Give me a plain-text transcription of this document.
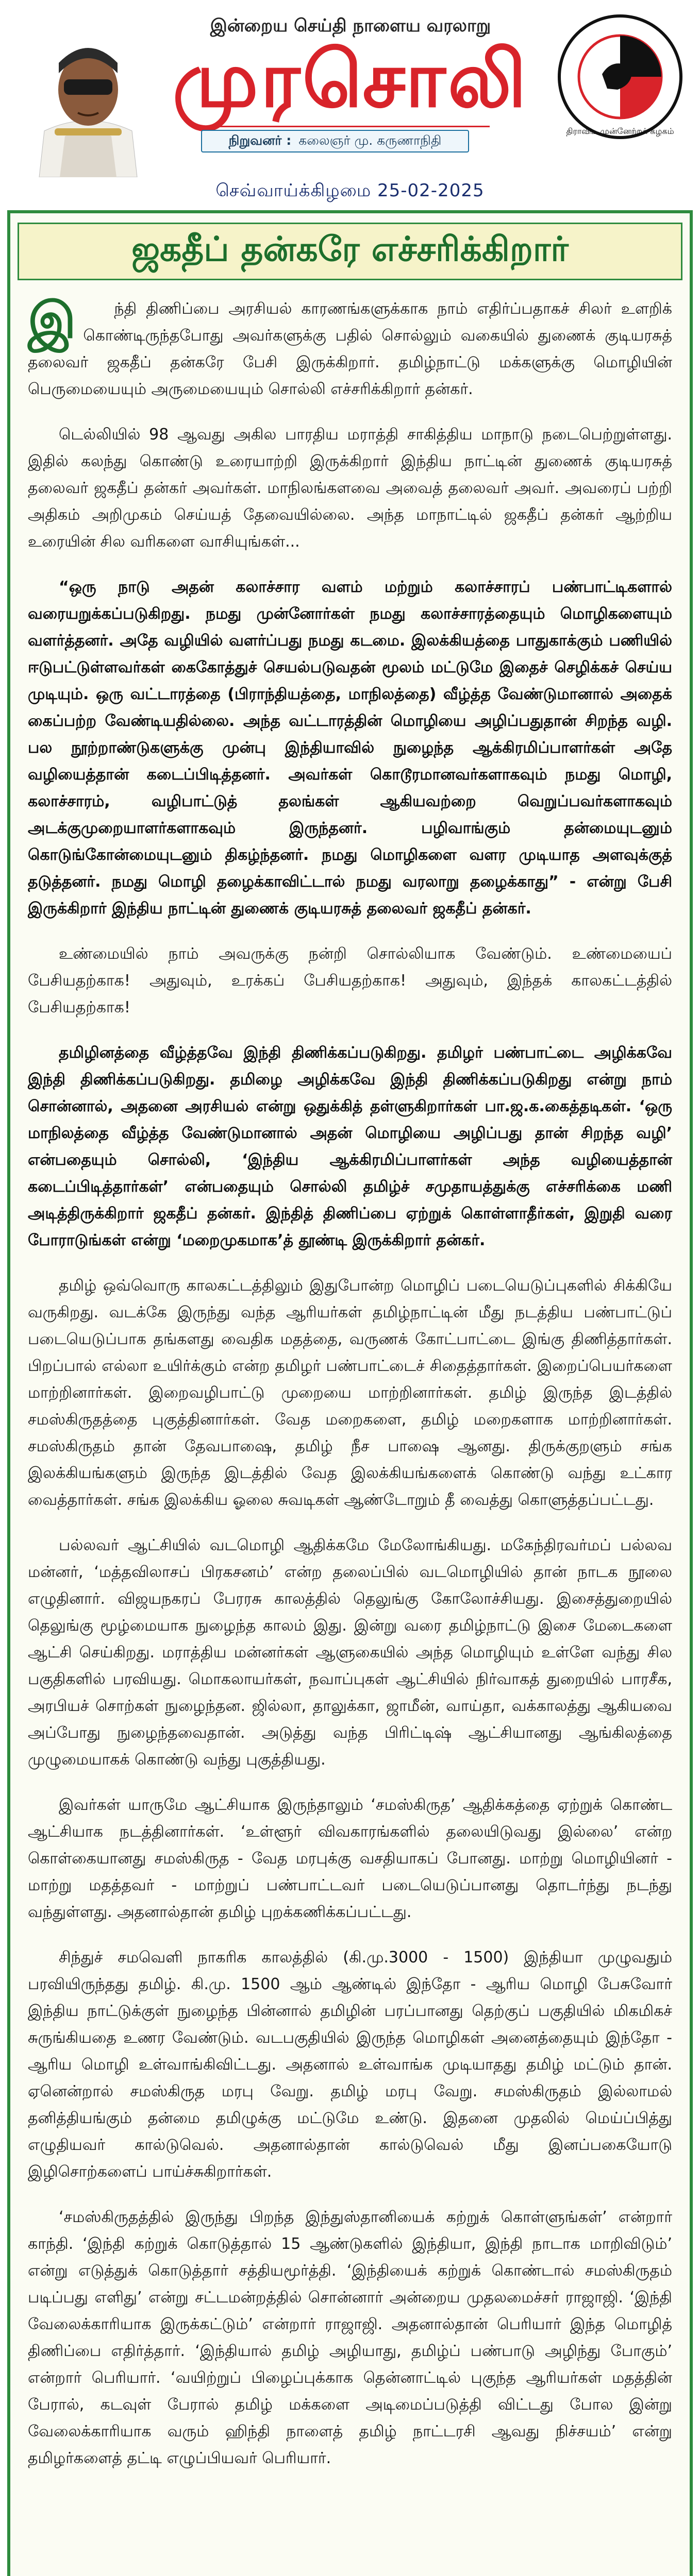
இன்றைய செய்தி நாளைய வரலாறு
முரசொலி
நிறுவனர் : கலைஞர் மு. கருணாநிதி
திராவிட முன்னேற்றக் கழகம்
செவ்வாய்க்கிழமை 25-02-2025
ஜகதீப் தன்கரே எச்சரிக்கிறார்

இ ந்தி திணிப்பை அரசியல் காரணங்களுக்காக நாம் எதிர்ப்பதாகச் சிலர் உளறிக் கொண்டிருந்தபோது அவர்களுக்கு பதில் சொல்லும் வகையில் துணைக் குடியரசுத் தலைவர் ஜகதீப் தன்கரே பேசி இருக்கிறார். தமிழ்நாட்டு மக்களுக்கு மொழியின் பெருமையையும் அருமையையும் சொல்லி எச்சரிக்கிறார் தன்கர்.

டெல்லியில் 98 ஆவது அகில பாரதிய மராத்தி சாகித்திய மாநாடு நடைபெற்றுள்ளது. இதில் கலந்து கொண்டு உரையாற்றி இருக்கிறார் இந்திய நாட்டின் துணைக் குடியரசுத் தலைவர் ஜகதீப் தன்கர் அவர்கள். மாநிலங்களவை அவைத் தலைவர் அவர். அவரைப் பற்றி அதிகம் அறிமுகம் செய்யத் தேவையில்லை. அந்த மாநாட்டில் ஜகதீப் தன்கர் ஆற்றிய உரையின் சில வரிகளை வாசியுங்கள்...

“ஒரு நாடு அதன் கலாச்சார வளம் மற்றும் கலாச்சாரப் பண்பாட்டிகளால் வரையறுக்கப்படுகிறது. நமது முன்னோர்கள் நமது கலாச்சாரத்தையும் மொழிகளையும் வளர்த்தனர். அதே வழியில் வளர்ப்பது நமது கடமை. இலக்கியத்தை பாதுகாக்கும் பணியில் ஈடுபட்டுள்ளவர்கள் கைகோத்துச் செயல்படுவதன் மூலம் மட்டுமே இதைச் செழிக்கச் செய்ய முடியும். ஒரு வட்டாரத்தை (பிராந்தியத்தை, மாநிலத்தை) வீழ்த்த வேண்டுமானால் அதைக் கைப்பற்ற வேண்டியதில்லை. அந்த வட்டாரத்தின் மொழியை அழிப்பதுதான் சிறந்த வழி. பல நூற்றாண்டுகளுக்கு முன்பு இந்தியாவில் நுழைந்த ஆக்கிரமிப்பாளர்கள் அதே வழியைத்தான் கடைப்பிடித்தனர். அவர்கள் கொடூரமானவர்களாகவும் நமது மொழி, கலாச்சாரம், வழிபாட்டுத் தலங்கள் ஆகியவற்றை வெறுப்பவர்களாகவும் அடக்குமுறையாளர்களாகவும் இருந்தனர். பழிவாங்கும் தன்மையுடனும் கொடுங்கோன்மையுடனும் திகழ்ந்தனர். நமது மொழிகளை வளர முடியாத அளவுக்குத் தடுத்தனர். நமது மொழி தழைக்காவிட்டால் நமது வரலாறு தழைக்காது” - என்று பேசி இருக்கிறார் இந்திய நாட்டின் துணைக் குடியரசுத் தலைவர் ஜகதீப் தன்கர்.

உண்மையில் நாம் அவருக்கு நன்றி சொல்லியாக வேண்டும். உண்மையைப் பேசியதற்காக! அதுவும், உரக்கப் பேசியதற்காக! அதுவும், இந்தக் காலகட்டத்தில் பேசியதற்காக!

தமிழினத்தை வீழ்த்தவே இந்தி திணிக்கப்படுகிறது. தமிழர் பண்பாட்டை அழிக்கவே இந்தி திணிக்கப்படுகிறது. தமிழை அழிக்கவே இந்தி திணிக்கப்படுகிறது என்று நாம் சொன்னால், அதனை அரசியல் என்று ஒதுக்கித் தள்ளுகிறார்கள் பா.ஜ.க.கைத்தடிகள். ‘ஒரு மாநிலத்தை வீழ்த்த வேண்டுமானால் அதன் மொழியை அழிப்பது தான் சிறந்த வழி’ என்பதையும் சொல்லி, ‘இந்திய ஆக்கிரமிப்பாளர்கள் அந்த வழியைத்தான் கடைப்பிடித்தார்கள்’ என்பதையும் சொல்லி தமிழ்ச் சமுதாயத்துக்கு எச்சரிக்கை மணி அடித்திருக்கிறார் ஜகதீப் தன்கர். இந்தித் திணிப்பை ஏற்றுக் கொள்ளாதீர்கள், இறுதி வரை போராடுங்கள் என்று ‘மறைமுகமாக’த் தூண்டி இருக்கிறார் தன்கர்.

தமிழ் ஒவ்வொரு காலகட்டத்திலும் இதுபோன்ற மொழிப் படையெடுப்புகளில் சிக்கியே வருகிறது. வடக்கே இருந்து வந்த ஆரியர்கள் தமிழ்நாட்டின் மீது நடத்திய பண்பாட்டுப் படையெடுப்பாக தங்களது வைதிக மதத்தை, வருணக் கோட்பாட்டை இங்கு திணித்தார்கள். பிறப்பால் எல்லா உயிர்க்கும் என்ற தமிழர் பண்பாட்டைச் சிதைத்தார்கள். இறைப்பெயர்களை மாற்றினார்கள். இறைவழிபாட்டு முறையை மாற்றினார்கள். தமிழ் இருந்த இடத்தில் சமஸ்கிருதத்தை புகுத்தினார்கள். வேத மறைகளை, தமிழ் மறைகளாக மாற்றினார்கள். சமஸ்கிருதம் தான் தேவபாஷை, தமிழ் நீச பாஷை ஆனது. திருக்குறளும் சங்க இலக்கியங்களும் இருந்த இடத்தில் வேத இலக்கியங்களைக் கொண்டு வந்து உட்கார வைத்தார்கள். சங்க இலக்கிய ஓலை சுவடிகள் ஆண்டோறும் தீ வைத்து கொளுத்தப்பட்டது.

பல்லவர் ஆட்சியில் வடமொழி ஆதிக்கமே மேலோங்கியது. மகேந்திரவர்மப் பல்லவ மன்னர், ‘மத்தவிலாசப் பிரகசனம்’ என்ற தலைப்பில் வடமொழியில் தான் நாடக நூலை எழுதினார். விஜயநகரப் பேரரசு காலத்தில் தெலுங்கு கோலோச்சியது. இசைத்துறையில் தெலுங்கு மூழ்மையாக நுழைந்த காலம் இது. இன்று வரை தமிழ்நாட்டு இசை மேடைகளை ஆட்சி செய்கிறது. மராத்திய மன்னர்கள் ஆளுகையில் அந்த மொழியும் உள்ளே வந்து சில பகுதிகளில் பரவியது. மொகலாயர்கள், நவாப்புகள் ஆட்சியில் நிர்வாகத் துறையில் பாரசீக, அரபியச் சொற்கள் நுழைந்தன. ஜில்லா, தாலுக்கா, ஜாமீன், வாய்தா, வக்காலத்து ஆகியவை அப்போது நுழைந்தவைதான். அடுத்து வந்த பிரிட்டிஷ் ஆட்சியானது ஆங்கிலத்தை முழுமையாகக் கொண்டு வந்து புகுத்தியது.

இவர்கள் யாருமே ஆட்சியாக இருந்தாலும் ‘சமஸ்கிருத’ ஆதிக்கத்தை ஏற்றுக் கொண்ட ஆட்சியாக நடத்தினார்கள். ‘உள்ளூர் விவகாரங்களில் தலையிடுவது இல்லை’ என்ற கொள்கையானது சமஸ்கிருத - வேத மரபுக்கு வசதியாகப் போனது. மாற்று மொழியினர் - மாற்று மதத்தவர் - மாற்றுப் பண்பாட்டவர் படையெடுப்பானது தொடர்ந்து நடந்து வந்துள்ளது. அதனால்தான் தமிழ் புறக்கணிக்கப்பட்டது.

சிந்துச் சமவெளி நாகரிக காலத்தில் (கி.மு.3000 - 1500) இந்தியா முழுவதும் பரவியிருந்தது தமிழ். கி.மு. 1500 ஆம் ஆண்டில் இந்தோ - ஆரிய மொழி பேசுவோர் இந்திய நாட்டுக்குள் நுழைந்த பின்னால் தமிழின் பரப்பானது தெற்குப் பகுதியில் மிகமிகச் சுருங்கியதை உணர வேண்டும். வடபகுதியில் இருந்த மொழிகள் அனைத்தையும் இந்தோ - ஆரிய மொழி உள்வாங்கிவிட்டது. அதனால் உள்வாங்க முடியாதது தமிழ் மட்டும் தான். ஏனென்றால் சமஸ்கிருத மரபு வேறு. தமிழ் மரபு வேறு. சமஸ்கிருதம் இல்லாமல் தனித்தியங்கும் தன்மை தமிழுக்கு மட்டுமே உண்டு. இதனை முதலில் மெய்ப்பித்து எழுதியவர் கால்டுவெல். அதனால்தான் கால்டுவெல் மீது இனப்பகையோடு இழிசொற்களைப் பாய்ச்சுகிறார்கள்.

‘சமஸ்கிருதத்தில் இருந்து பிறந்த இந்துஸ்தானியைக் கற்றுக் கொள்ளுங்கள்’ என்றார் காந்தி. ‘இந்தி கற்றுக் கொடுத்தால் 15 ஆண்டுகளில் இந்தியா, இந்தி நாடாக மாறிவிடும்’ என்று எடுத்துக் கொடுத்தார் சத்தியமூர்த்தி. ‘இந்தியைக் கற்றுக் கொண்டால் சமஸ்கிருதம் படிப்பது எளிது’ என்று சட்டமன்றத்தில் சொன்னார் அன்றைய முதலமைச்சர் ராஜாஜி. ‘இந்தி வேலைக்காரியாக இருக்கட்டும்’ என்றார் ராஜாஜி. அதனால்தான் பெரியார் இந்த மொழித் திணிப்பை எதிர்த்தார். ‘இந்தியால் தமிழ் அழியாது, தமிழ்ப் பண்பாடு அழிந்து போகும்’ என்றார் பெரியார். ‘வயிற்றுப் பிழைப்புக்காக தென்னாட்டில் புகுந்த ஆரியர்கள் மதத்தின் பேரால், கடவுள் பேரால் தமிழ் மக்களை அடிமைப்படுத்தி விட்டது போல இன்று வேலைக்காரியாக வரும் ஹிந்தி நாளைத் தமிழ் நாட்டரசி ஆவது நிச்சயம்’ என்று தமிழர்களைத் தட்டி எழுப்பியவர் பெரியார்.
